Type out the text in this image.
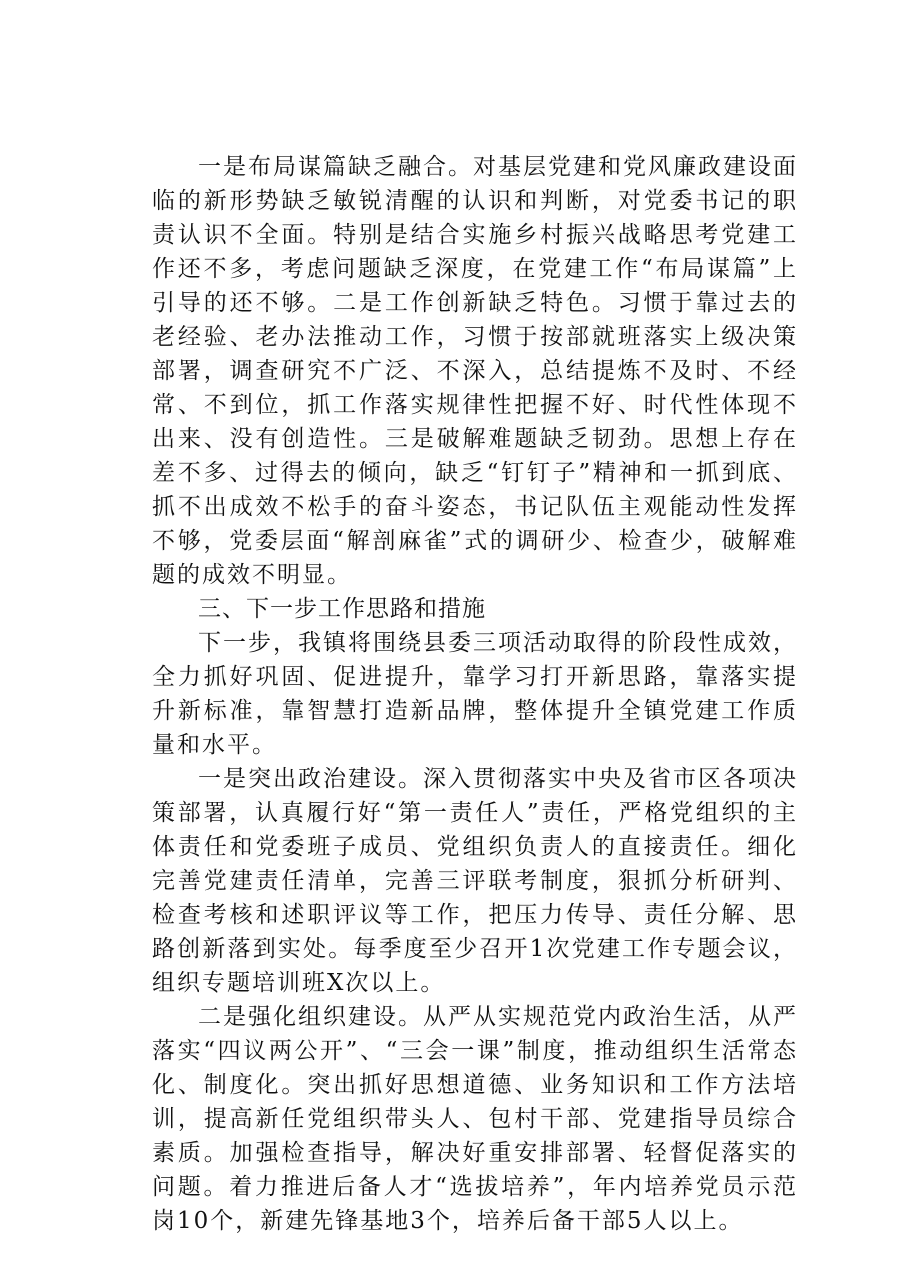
一是布局谋篇缺乏融合。对基层党建和党风廉政建设面临的新形势缺乏敏锐清醒的认识和判断，对党委书记的职责认识不全面。特别是结合实施乡村振兴战略思考党建工作还不多，考虑问题缺乏深度，在党建工作“布局谋篇”上引导的还不够。二是工作创新缺乏特色。习惯于靠过去的老经验、老办法推动工作，习惯于按部就班落实上级决策部署，调查研究不广泛、不深入，总结提炼不及时、不经常、不到位，抓工作落实规律性把握不好、时代性体现不出来、没有创造性。三是破解难题缺乏韧劲。思想上存在差不多、过得去的倾向，缺乏“钉钉子”精神和一抓到底、抓不出成效不松手的奋斗姿态，书记队伍主观能动性发挥不够，党委层面“解剖麻雀”式的调研少、检查少，破解难题的成效不明显。

三、下一步工作思路和措施

下一步，我镇将围绕县委三项活动取得的阶段性成效，全力抓好巩固、促进提升，靠学习打开新思路，靠落实提升新标准，靠智慧打造新品牌，整体提升全镇党建工作质量和水平。

一是突出政治建设。深入贯彻落实中央及省市区各项决策部署，认真履行好“第一责任人”责任，严格党组织的主体责任和党委班子成员、党组织负责人的直接责任。细化完善党建责任清单，完善三评联考制度，狠抓分析研判、检查考核和述职评议等工作，把压力传导、责任分解、思路创新落到实处。每季度至少召开1次党建工作专题会议，组织专题培训班X次以上。

二是强化组织建设。从严从实规范党内政治生活，从严落实“四议两公开”、“三会一课”制度，推动组织生活常态化、制度化。突出抓好思想道德、业务知识和工作方法培训，提高新任党组织带头人、包村干部、党建指导员综合素质。加强检查指导，解决好重安排部署、轻督促落实的问题。着力推进后备人才“选拔培养”，年内培养党员示范岗10个，新建先锋基地3个，培养后备干部5人以上。
